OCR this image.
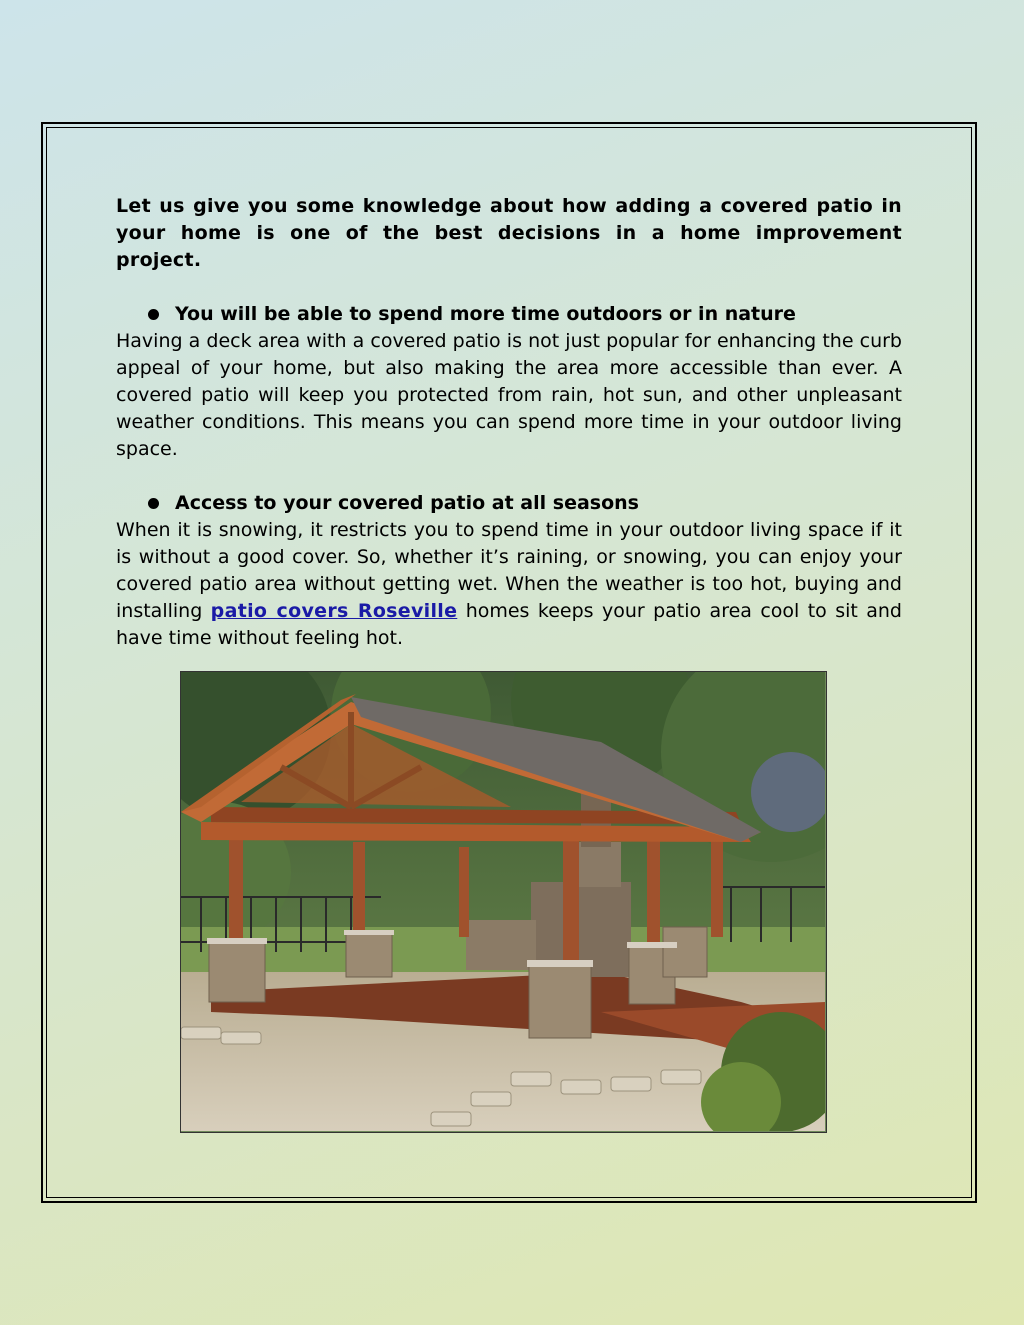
Let us give you some knowledge about how adding a covered patio in your home is one of the best decisions in a home improvement project.

You will be able to spend more time outdoors or in nature

Having a deck area with a covered patio is not just popular for enhancing the curb appeal of your home, but also making the area more accessible than ever. A covered patio will keep you protected from rain, hot sun, and other unpleasant weather conditions. This means you can spend more time in your outdoor living space.

Access to your covered patio at all seasons

When it is snowing, it restricts you to spend time in your outdoor living space if it is without a good cover. So, whether it’s raining, or snowing, you can enjoy your covered patio area without getting wet. When the weather is too hot, buying and installing patio covers Roseville homes keeps your patio area cool to sit and have time without feeling hot.
